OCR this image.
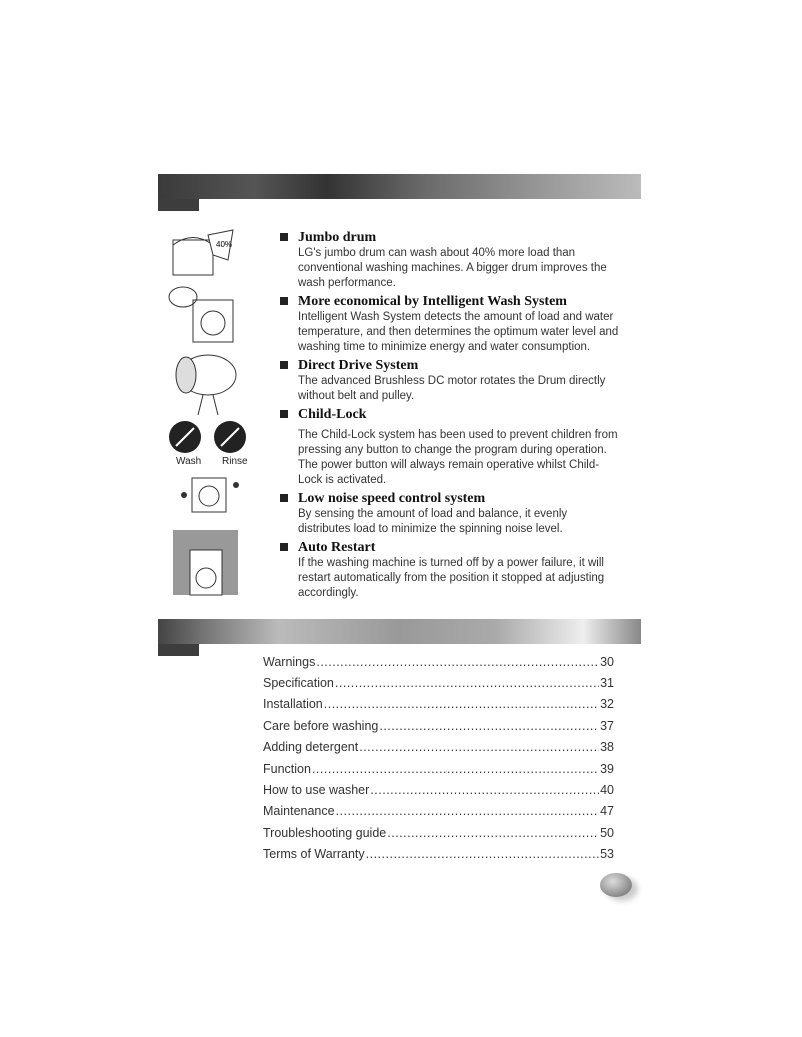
40%
Wash Rinse
Jumbo drum
LG's jumbo drum can wash about 40% more load than
conventional washing machines. A bigger drum improves the
wash performance.
More economical by Intelligent Wash System
Intelligent Wash System detects the amount of load and water
temperature, and then determines the optimum water level and
washing time to minimize energy and water consumption.
Direct Drive System
The advanced Brushless DC motor rotates the Drum directly
without belt and pulley.
Child-Lock
The Child-Lock system has been used to prevent children from
pressing any button to change the program during operation.
The power button will always remain operative whilst Child-
Lock is activated.
Low noise speed control system
By sensing the amount of load and balance, it evenly
distributes load to minimize the spinning noise level.
Auto Restart
If the washing machine is turned off by a power failure, it will
restart automatically from the position it stopped at adjusting
accordingly.
Warnings .....	30
Specification .....	31
Installation .....	32
Care before washing .....	37
Adding detergent .....	38
Function .....	39
How to use washer .....	40
Maintenance .....	47
Troubleshooting guide .....	50
Terms of Warranty .....	53
